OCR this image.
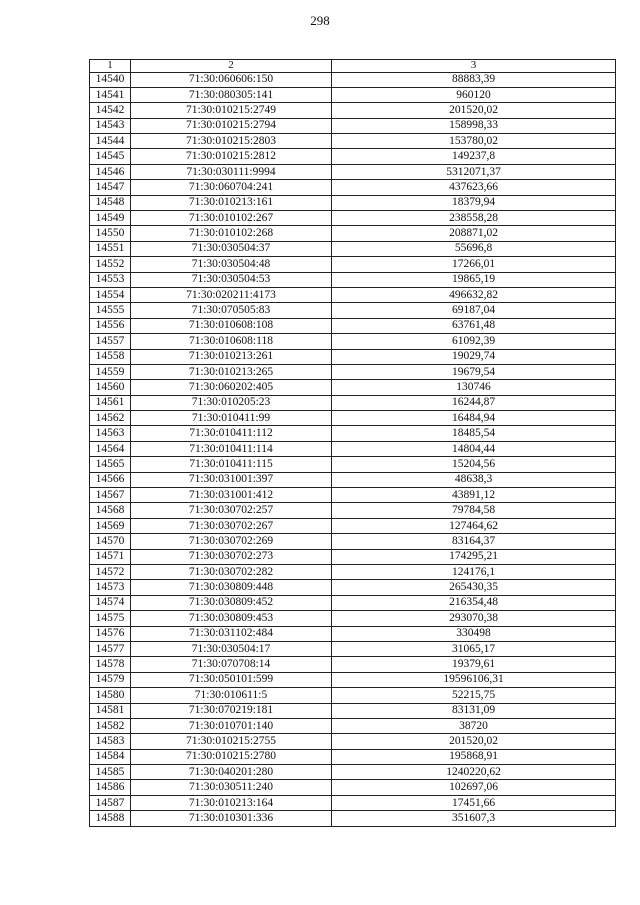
298
1	2	3
14540	71:30:060606:150	88883,39
14541	71:30:080305:141	960120
14542	71:30:010215:2749	201520,02
14543	71:30:010215:2794	158998,33
14544	71:30:010215:2803	153780,02
14545	71:30:010215:2812	149237,8
14546	71:30:030111:9994	5312071,37
14547	71:30:060704:241	437623,66
14548	71:30:010213:161	18379,94
14549	71:30:010102:267	238558,28
14550	71:30:010102:268	208871,02
14551	71:30:030504:37	55696,8
14552	71:30:030504:48	17266,01
14553	71:30:030504:53	19865,19
14554	71:30:020211:4173	496632,82
14555	71:30:070505:83	69187,04
14556	71:30:010608:108	63761,48
14557	71:30:010608:118	61092,39
14558	71:30:010213:261	19029,74
14559	71:30:010213:265	19679,54
14560	71:30:060202:405	130746
14561	71:30:010205:23	16244,87
14562	71:30:010411:99	16484,94
14563	71:30:010411:112	18485,54
14564	71:30:010411:114	14804,44
14565	71:30:010411:115	15204,56
14566	71:30:031001:397	48638,3
14567	71:30:031001:412	43891,12
14568	71:30:030702:257	79784,58
14569	71:30:030702:267	127464,62
14570	71:30:030702:269	83164,37
14571	71:30:030702:273	174295,21
14572	71:30:030702:282	124176,1
14573	71:30:030809:448	265430,35
14574	71:30:030809:452	216354,48
14575	71:30:030809:453	293070,38
14576	71:30:031102:484	330498
14577	71:30:030504:17	31065,17
14578	71:30:070708:14	19379,61
14579	71:30:050101:599	19596106,31
14580	71:30:010611:5	52215,75
14581	71:30:070219:181	83131,09
14582	71:30:010701:140	38720
14583	71:30:010215:2755	201520,02
14584	71:30:010215:2780	195868,91
14585	71:30:040201:280	1240220,62
14586	71:30:030511:240	102697,06
14587	71:30:010213:164	17451,66
14588	71:30:010301:336	351607,3
